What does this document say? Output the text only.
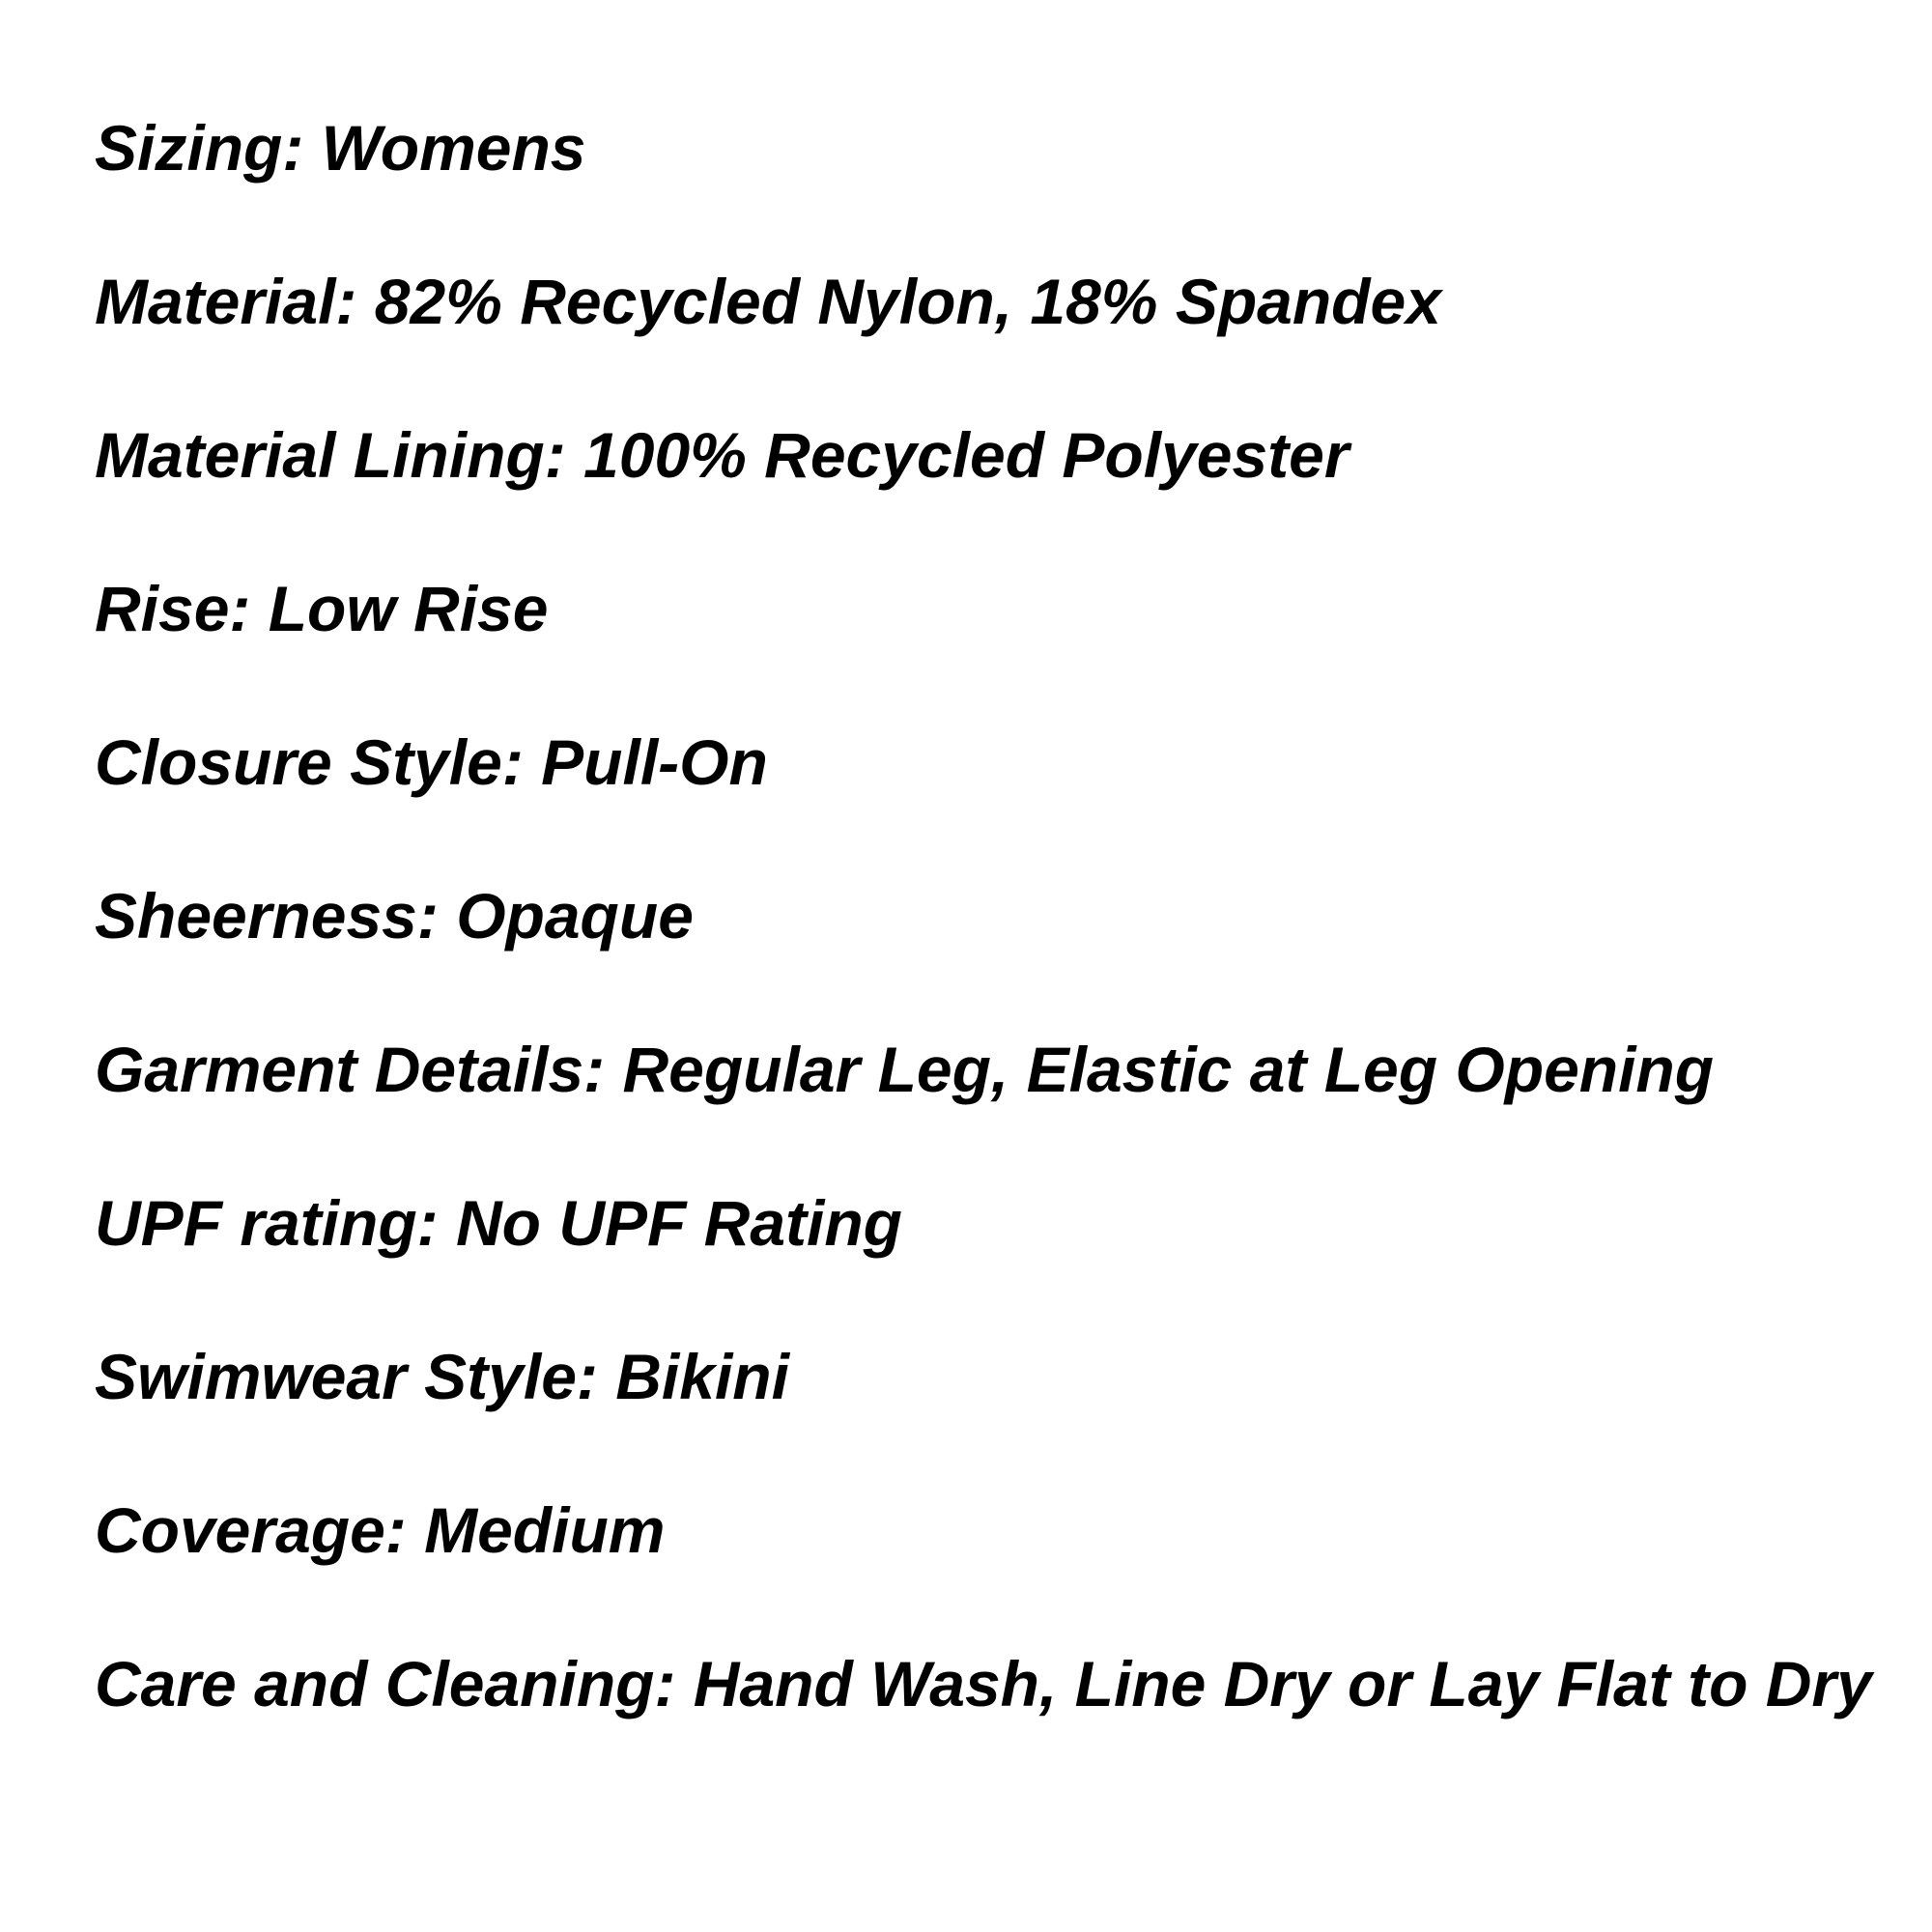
Sizing: Womens
Material: 82% Recycled Nylon, 18% Spandex
Material Lining: 100% Recycled Polyester
Rise: Low Rise
Closure Style: Pull-On
Sheerness: Opaque
Garment Details: Regular Leg, Elastic at Leg Opening
UPF rating: No UPF Rating
Swimwear Style: Bikini
Coverage: Medium
Care and Cleaning: Hand Wash, Line Dry or Lay Flat to Dry
